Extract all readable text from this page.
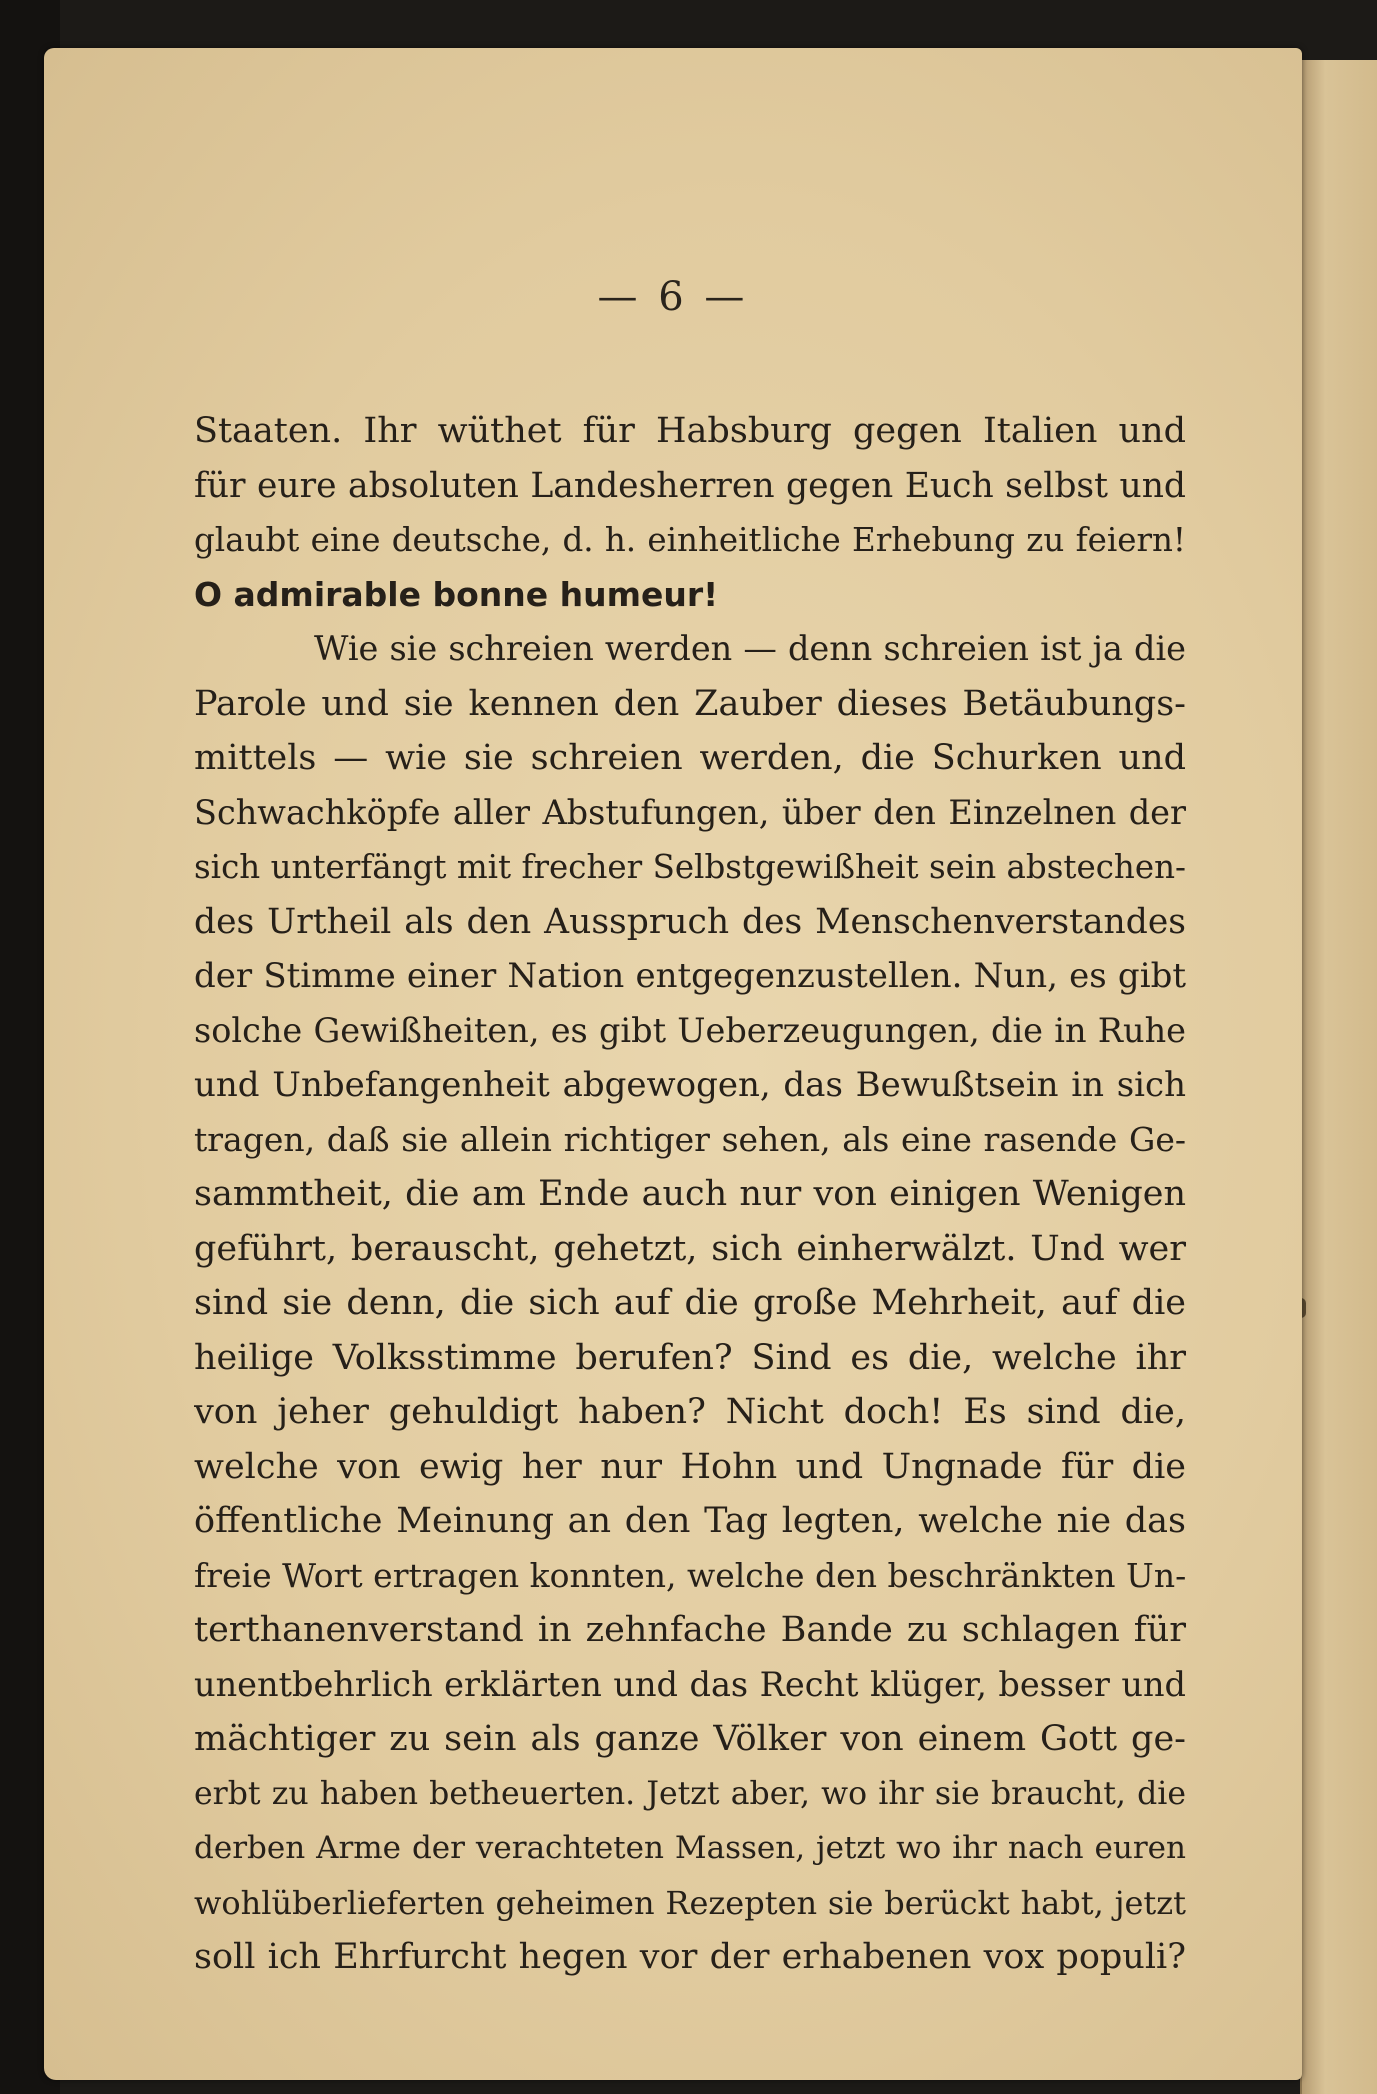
— 6 —

Staaten. Ihr wüthet für Habsburg gegen Italien und
für eure absoluten Landesherren gegen Euch selbst und
glaubt eine deutsche, d. h. einheitliche Erhebung zu feiern!
O admirable bonne humeur!
Wie sie schreien werden — denn schreien ist ja die
Parole und sie kennen den Zauber dieses Betäubungs-
mittels — wie sie schreien werden, die Schurken und
Schwachköpfe aller Abstufungen, über den Einzelnen der
sich unterfängt mit frecher Selbstgewißheit sein abstechen-
des Urtheil als den Ausspruch des Menschenverstandes
der Stimme einer Nation entgegenzustellen. Nun, es gibt
solche Gewißheiten, es gibt Ueberzeugungen, die in Ruhe
und Unbefangenheit abgewogen, das Bewußtsein in sich
tragen, daß sie allein richtiger sehen, als eine rasende Ge-
sammtheit, die am Ende auch nur von einigen Wenigen
geführt, berauscht, gehetzt, sich einherwälzt. Und wer
sind sie denn, die sich auf die große Mehrheit, auf die
heilige Volksstimme berufen? Sind es die, welche ihr
von jeher gehuldigt haben? Nicht doch! Es sind die,
welche von ewig her nur Hohn und Ungnade für die
öffentliche Meinung an den Tag legten, welche nie das
freie Wort ertragen konnten, welche den beschränkten Un-
terthanenverstand in zehnfache Bande zu schlagen für
unentbehrlich erklärten und das Recht klüger, besser und
mächtiger zu sein als ganze Völker von einem Gott ge-
erbt zu haben betheuerten. Jetzt aber, wo ihr sie braucht, die
derben Arme der verachteten Massen, jetzt wo ihr nach euren
wohlüberlieferten geheimen Rezepten sie berückt habt, jetzt
soll ich Ehrfurcht hegen vor der erhabenen vox populi?
